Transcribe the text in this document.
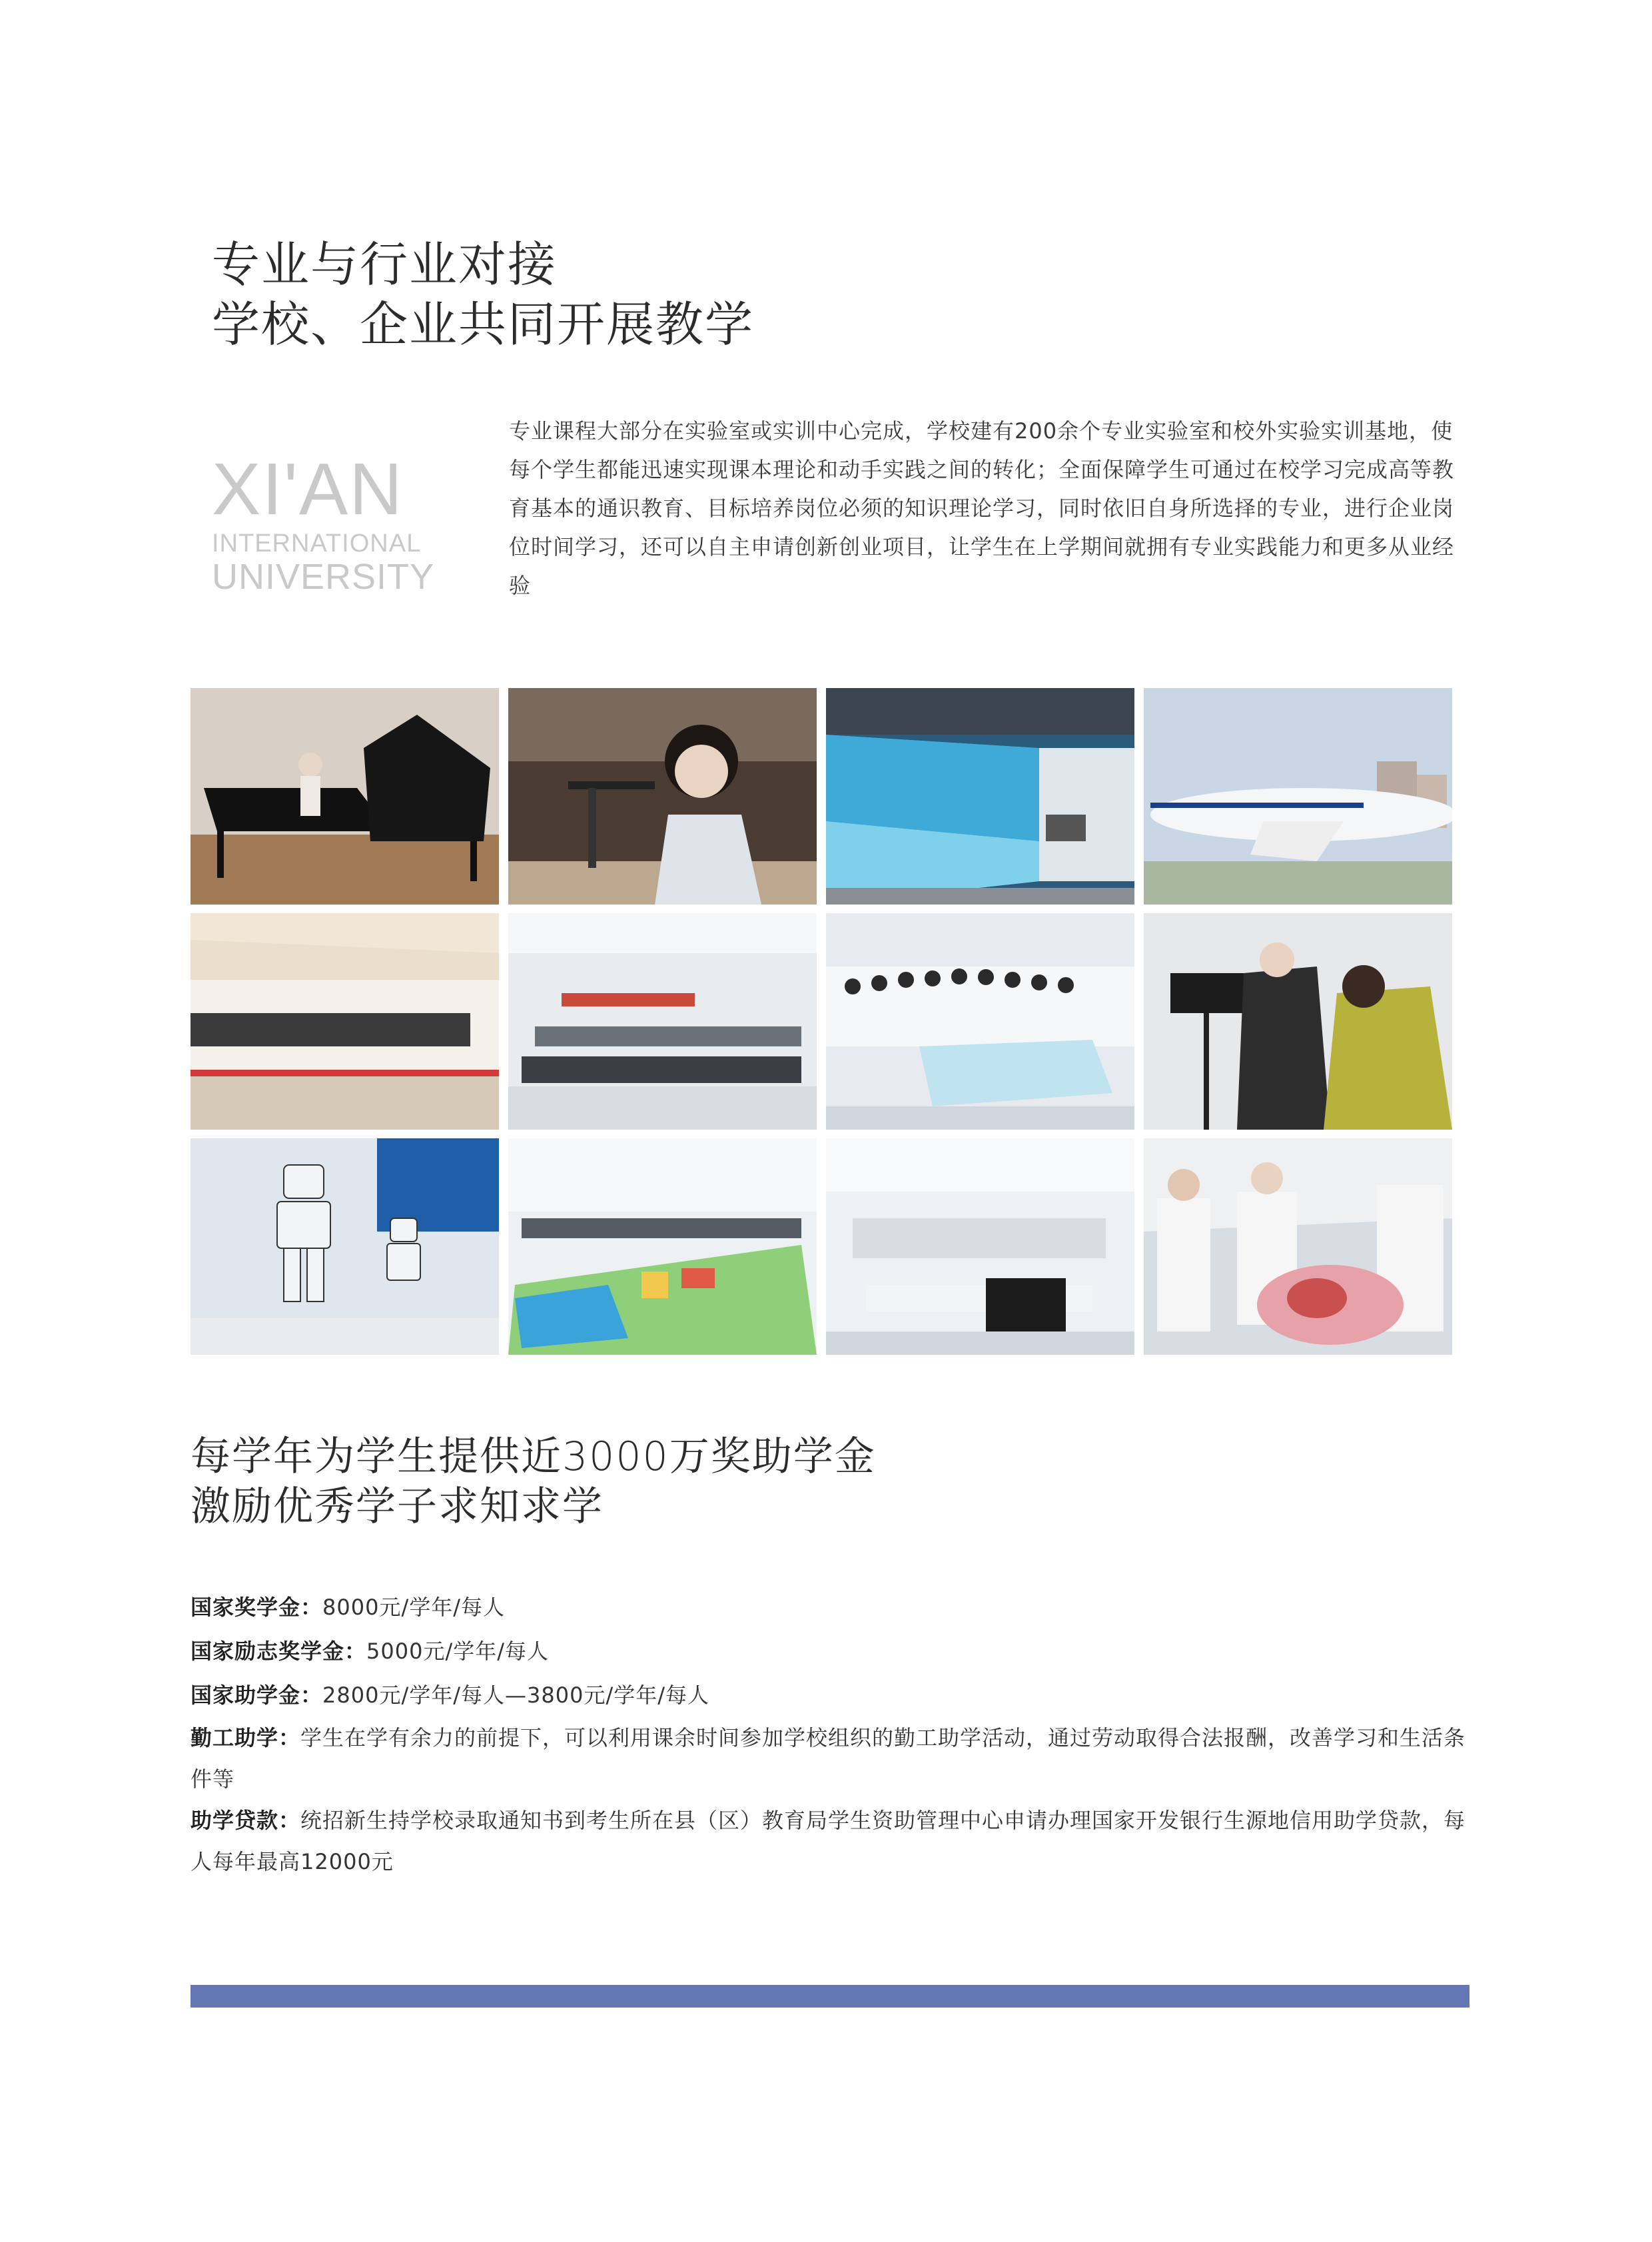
专业与行业对接
学校、企业共同开展教学
XI'AN
INTERNATIONAL
UNIVERSITY
专业课程大部分在实验室或实训中心完成，学校建有200余个专业实验室和校外实验实训基地，使每个学生都能迅速实现课本理论和动手实践之间的转化；全面保障学生可通过在校学习完成高等教育基本的通识教育、目标培养岗位必须的知识理论学习，同时依旧自身所选择的专业，进行企业岗位时间学习，还可以自主申请创新创业项目，让学生在上学期间就拥有专业实践能力和更多从业经验
每学年为学生提供近3000万奖助学金
激励优秀学子求知求学
国家奖学金：8000元/学年/每人
国家励志奖学金：5000元/学年/每人
国家助学金：2800元/学年/每人—3800元/学年/每人
勤工助学：学生在学有余力的前提下，可以利用课余时间参加学校组织的勤工助学活动，通过劳动取得合法报酬，改善学习和生活条件等
助学贷款：统招新生持学校录取通知书到考生所在县（区）教育局学生资助管理中心申请办理国家开发银行生源地信用助学贷款，每人每年最高12000元
